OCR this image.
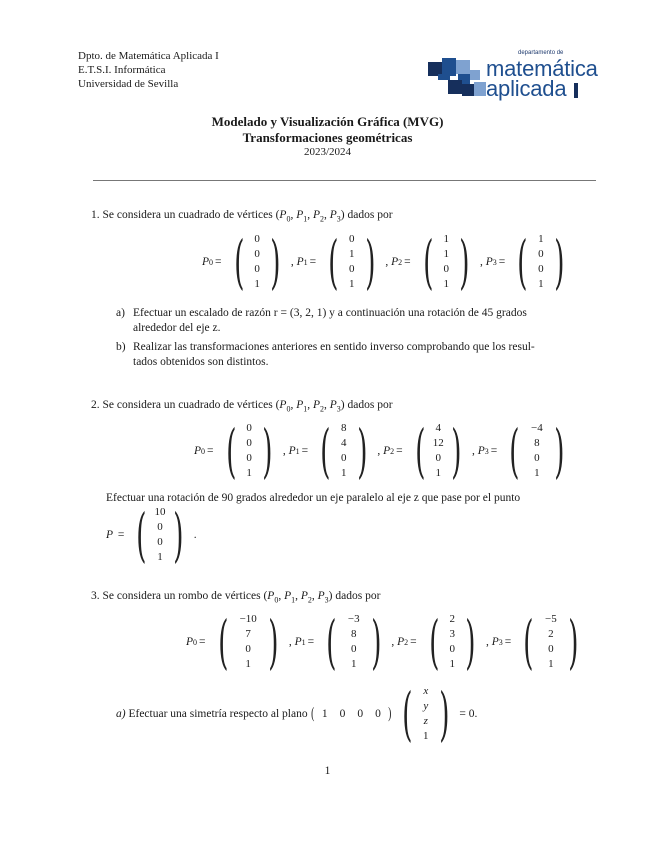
Dpto. de Matemática Aplicada I
E.T.S.I. Informática
Universidad de Sevilla
departamento de
matemática
aplicada
Modelado y Visualización Gráfica (MVG)
Transformaciones geométricas
2023/2024
1. Se considera un cuadrado de vértices ($P_0$, $P_1$, $P_2$, $P_3$) dados por
P 0 = ( 0
0
0
1 ) , P 1 = ( 0
1
0
1 ) , P 2 = ( 1
1
0
1 ) , P 3 = ( 1
0
0
1 )
a) Efectuar un escalado de razón r = (3, 2, 1) y a continuación una rotación de 45 grados
alrededor del eje z.
b) Realizar las transformaciones anteriores en sentido inverso comprobando que los resul-
tados obtenidos son distintos.
2. Se considera un cuadrado de vértices ($P_0$, $P_1$, $P_2$, $P_3$) dados por
P 0 = ( 0
0
0
1 ) , P 1 = ( 8
4
0
1 ) , P 2 = ( 4
12
0
1 ) , P 3 = ( −4
8
0
1 )
Efectuar una rotación de 90 grados alrededor un eje paralelo al eje z que pase por el punto
P = ( 10
0
0
1 ) .
3. Se considera un rombo de vértices ($P_0$, $P_1$, $P_2$, $P_3$) dados por
P 0 = ( −10
7
0
1 ) , P 1 = ( −3
8
0
1 ) , P 2 = ( 2
3
0
1 ) , P 3 = ( −5
2
0
1 )
a)
Efectuar una simetría respecto al plano
( 1 0 0 0 ) ( x
y
z
1 ) = 0.
1
